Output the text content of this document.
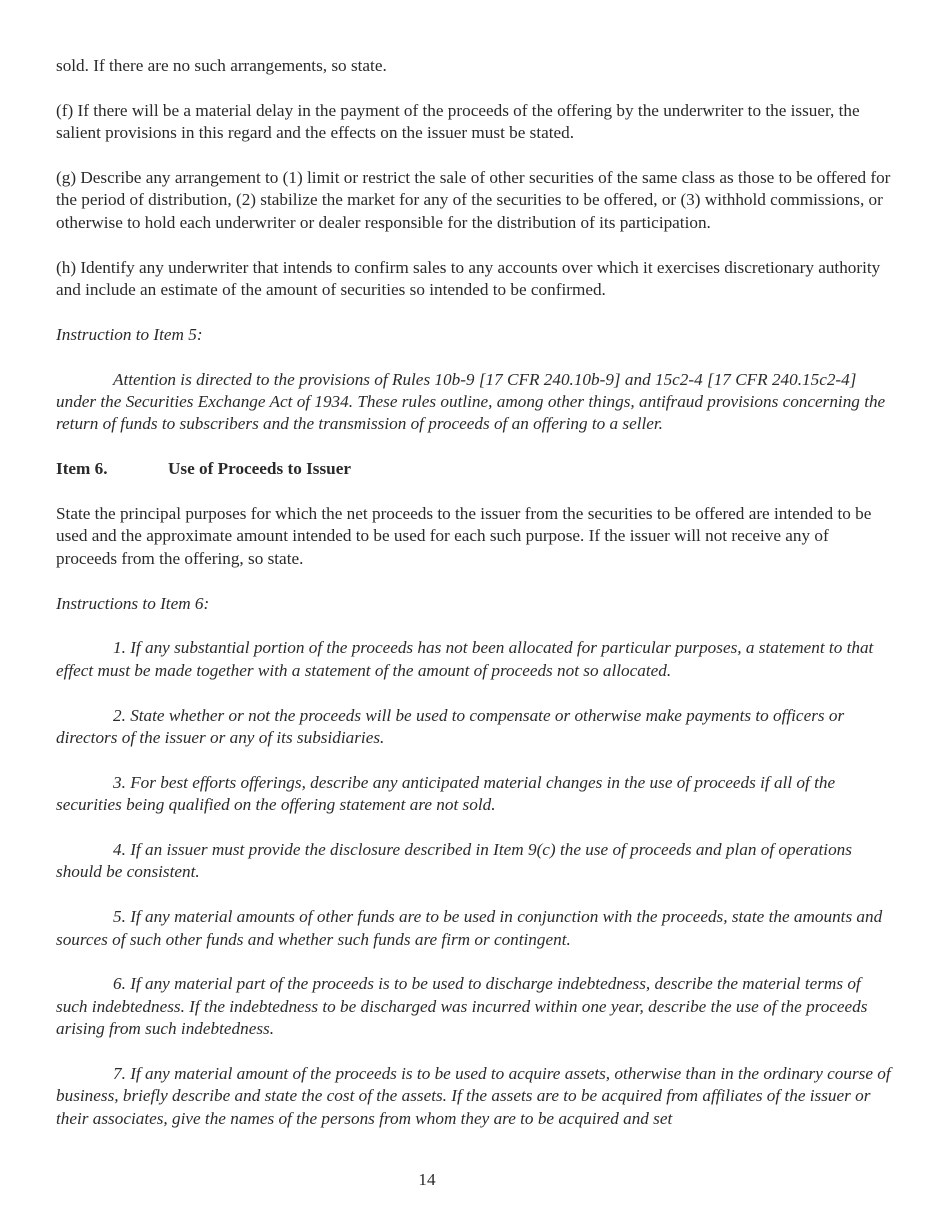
sold. If there are no such arrangements, so state.

(f) If there will be a material delay in the payment of the proceeds of the offering by the underwriter to the issuer, the salient provisions in this regard and the effects on the issuer must be stated.

(g) Describe any arrangement to (1) limit or restrict the sale of other securities of the same class as those to be offered for the period of distribution, (2) stabilize the market for any of the securities to be offered, or (3) withhold commissions, or otherwise to hold each underwriter or dealer responsible for the distribution of its participation.

(h) Identify any underwriter that intends to confirm sales to any accounts over which it exercises discretionary authority and include an estimate of the amount of securities so intended to be confirmed.

Instruction to Item 5:

Attention is directed to the provisions of Rules 10b-9 [17 CFR 240.10b-9] and 15c2-4 [17 CFR 240.15c2-4] under the Securities Exchange Act of 1934. These rules outline, among other things, antifraud provisions concerning the return of funds to subscribers and the transmission of proceeds of an offering to a seller.

Item 6.	Use of Proceeds to Issuer

State the principal purposes for which the net proceeds to the issuer from the securities to be offered are intended to be used and the approximate amount intended to be used for each such purpose. If the issuer will not receive any of proceeds from the offering, so state.

Instructions to Item 6:

1. If any substantial portion of the proceeds has not been allocated for particular purposes, a statement to that effect must be made together with a statement of the amount of proceeds not so allocated.

2. State whether or not the proceeds will be used to compensate or otherwise make payments to officers or directors of the issuer or any of its subsidiaries.

3. For best efforts offerings, describe any anticipated material changes in the use of proceeds if all of the securities being qualified on the offering statement are not sold.

4. If an issuer must provide the disclosure described in Item 9(c) the use of proceeds and plan of operations should be consistent.

5. If any material amounts of other funds are to be used in conjunction with the proceeds, state the amounts and sources of such other funds and whether such funds are firm or contingent.

6. If any material part of the proceeds is to be used to discharge indebtedness, describe the material terms of such indebtedness. If the indebtedness to be discharged was incurred within one year, describe the use of the proceeds arising from such indebtedness.

7. If any material amount of the proceeds is to be used to acquire assets, otherwise than in the ordinary course of business, briefly describe and state the cost of the assets. If the assets are to be acquired from affiliates of the issuer or their associates, give the names of the persons from whom they are to be acquired and set

14
